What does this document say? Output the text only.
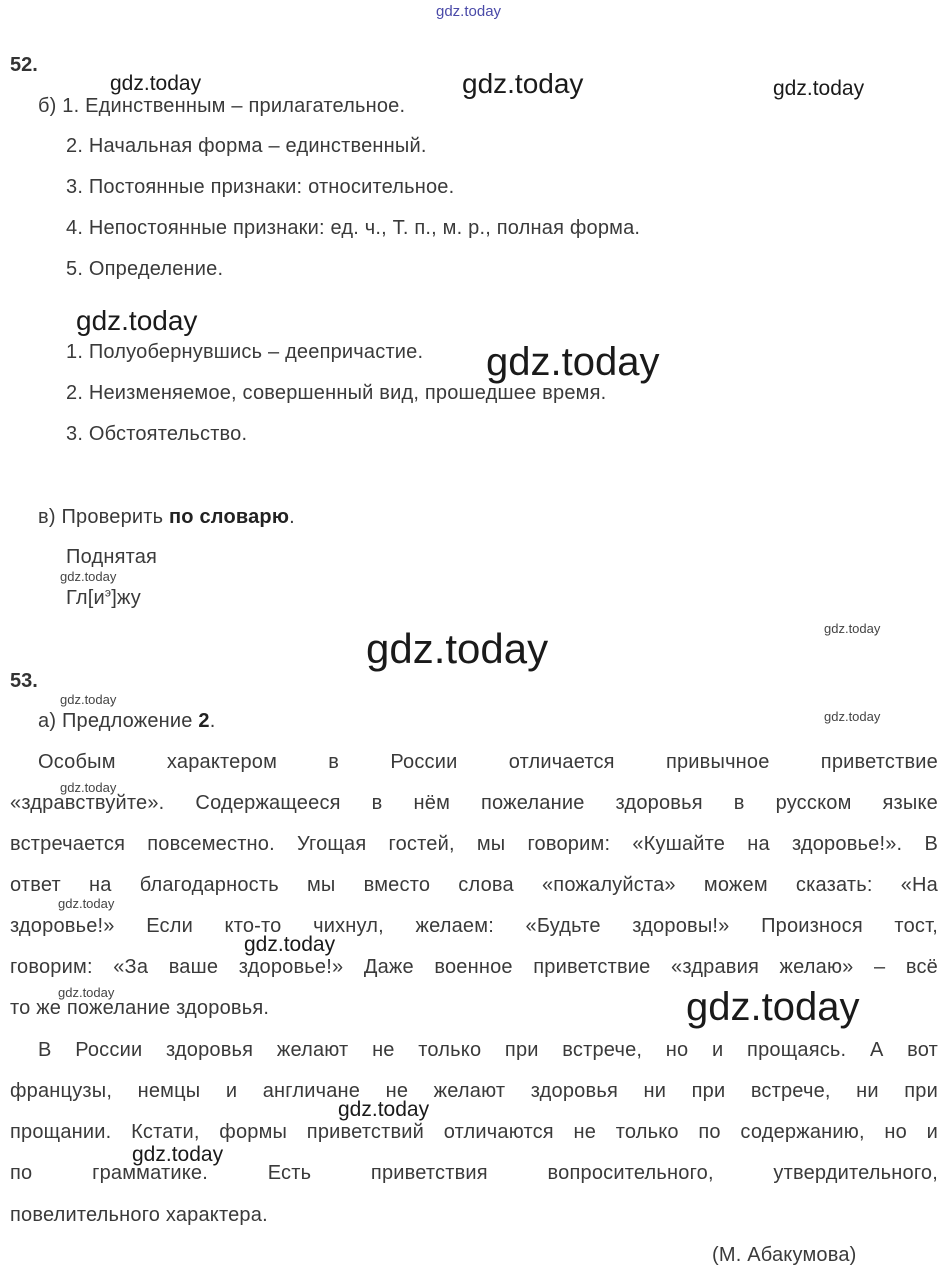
gdz.today
gdz.today	gdz.today	gdz.today
gdz.today
gdz.today
gdz.today
gdz.today
gdz.today
gdz.today
gdz.today
gdz.today
gdz.today
gdz.today
gdz.today	gdz.today
gdz.today
gdz.today
52.
б) 1. Единственным – прилагательное.
2. Начальная форма – единственный.
3. Постоянные признаки: относительное.
4. Непостоянные признаки: ед. ч., Т. п., м. р., полная форма.
5. Определение.
1. Полуобернувшись – деепричастие.
2. Неизменяемое, совершенный вид, прошедшее время.
3. Обстоятельство.
в) Проверить по словарю.
Поднятая
$Гл[и^э]жу$
53.
а) Предложение 2.
Особым характером в России отличается привычное приветствие
«здравствуйте». Содержащееся в нём пожелание здоровья в русском языке
встречается повсеместно. Угощая гостей, мы говорим: «Кушайте на здоровье!». В
ответ на благодарность мы вместо слова «пожалуйста» можем сказать: «На
здоровье!» Если кто-то чихнул, желаем: «Будьте здоровы!» Произнося тост,
говорим: «За ваше здоровье!» Даже военное приветствие «здравия желаю» – всё
то же пожелание здоровья.
В России здоровья желают не только при встрече, но и прощаясь. А вот
французы, немцы и англичане не желают здоровья ни при встрече, ни при
прощании. Кстати, формы приветствий отличаются не только по содержанию, но и
по грамматике. Есть приветствия вопросительного, утвердительного,
повелительного характера.
(М. Абакумова)
